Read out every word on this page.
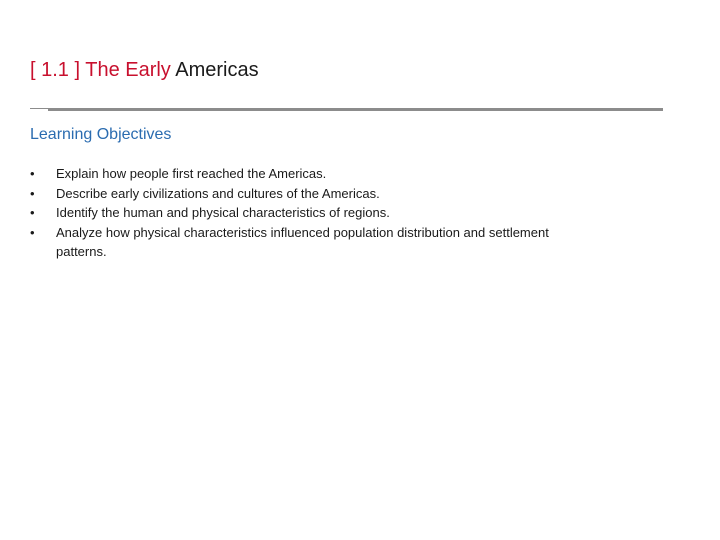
[ 1.1 ] The Early Americas
Learning Objectives
•	Explain how people first reached the Americas.
•	Describe early civilizations and cultures of the Americas.
•	Identify the human and physical characteristics of regions.
•	Analyze how physical characteristics influenced population distribution and settlement patterns.
